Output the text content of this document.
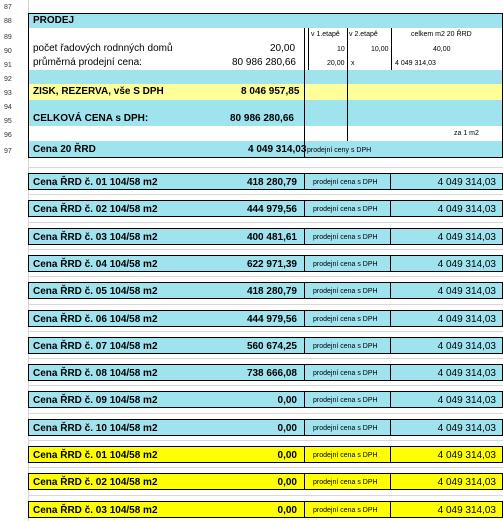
87
88
89
90
91
92
93
94
95
96
97
PRODEJ
v 1.etapě v 2.etapě	celkem m2 20 ŘRD
počet řadových rodnných domů	20,00	10	10,00	40,00
průměrná prodejní cena:	80 986 280,66	20,00 x	4 049 314,03
ZISK, REZERVA, vše S DPH	8 046 957,85
CELKOVÁ CENA s DPH:	80 986 280,66
za 1 m2
Cena 20 ŘRD	4 049 314,03 prodejní ceny s DPH
Cena ŘRD č. 01 104/58 m2	418 280,79 prodejní cena s DPH	4 049 314,03
Cena ŘRD č. 02 104/58 m2	444 979,56 prodejní cena s DPH	4 049 314,03
Cena ŘRD č. 03 104/58 m2	400 481,61 prodejní cena s DPH	4 049 314,03
Cena ŘRD č. 04 104/58 m2	622 971,39 prodejní cena s DPH	4 049 314,03
Cena ŘRD č. 05 104/58 m2	418 280,79 prodejní cena s DPH	4 049 314,03
Cena ŘRD č. 06 104/58 m2	444 979,56 prodejní cena s DPH	4 049 314,03
Cena ŘRD č. 07 104/58 m2	560 674,25 prodejní cena s DPH	4 049 314,03
Cena ŘRD č. 08 104/58 m2	738 666,08 prodejní cena s DPH	4 049 314,03
Cena ŘRD č. 09 104/58 m2	0,00 prodejní cena s DPH	4 049 314,03
Cena ŘRD č. 10 104/58 m2	0,00 prodejní cena s DPH	4 049 314,03
Cena ŘRD č. 01 104/58 m2	0,00 prodejní cena s DPH	4 049 314,03
Cena ŘRD č. 02 104/58 m2	0,00 prodejní cena s DPH	4 049 314,03
Cena ŘRD č. 03 104/58 m2	0,00 prodejní cena s DPH	4 049 314,03
